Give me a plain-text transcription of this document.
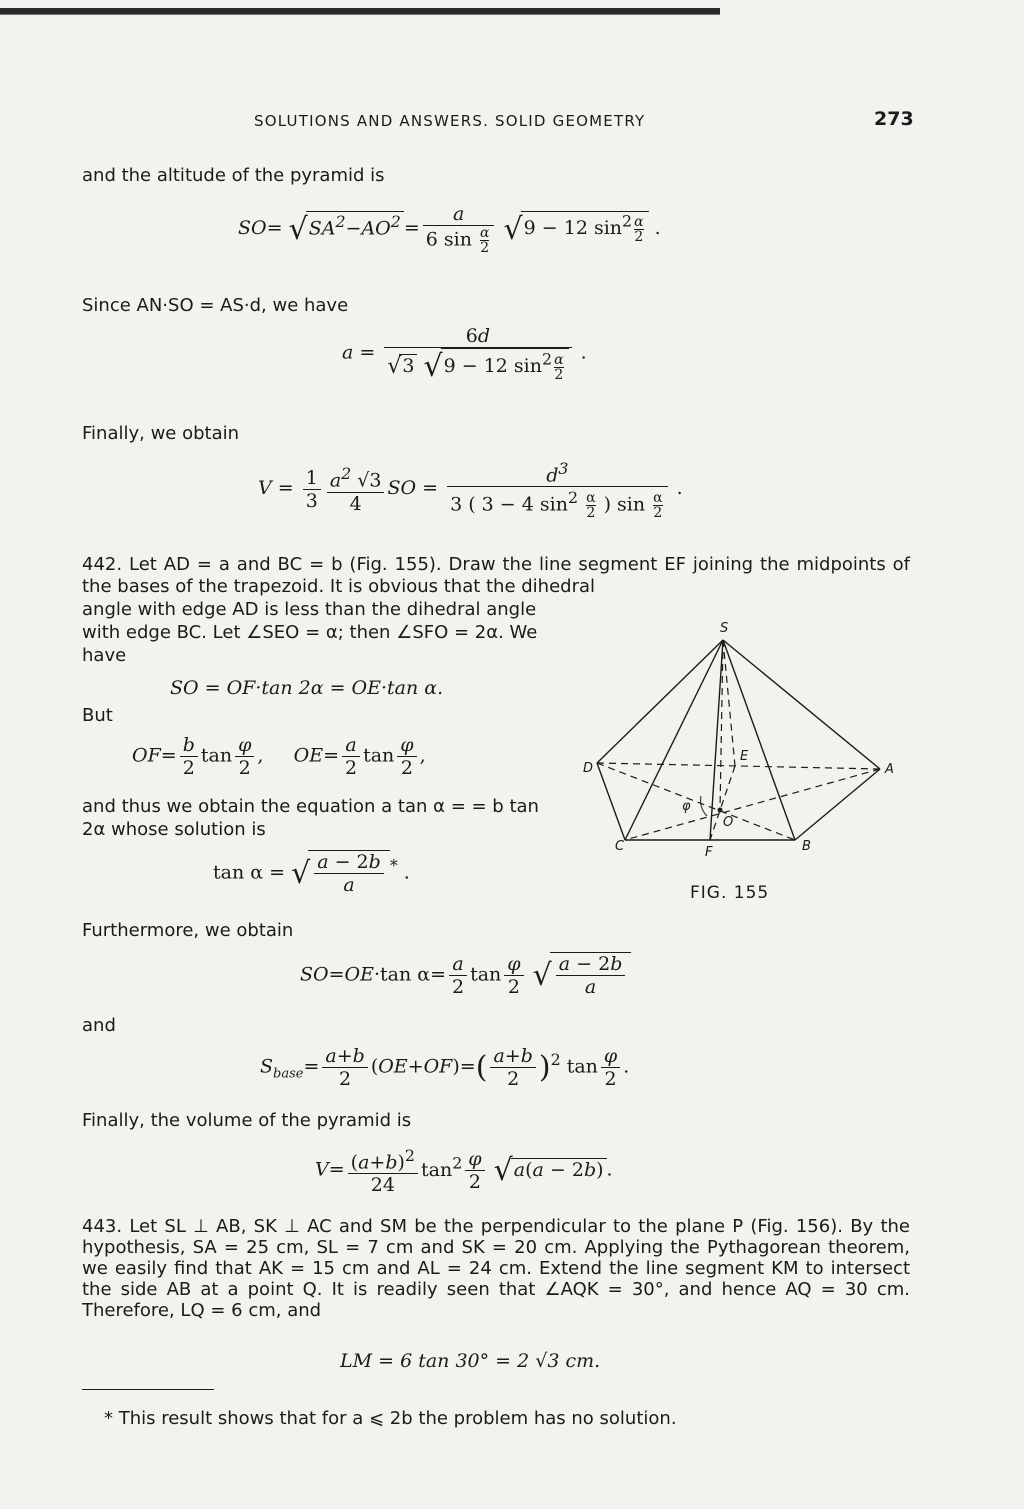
SOLUTIONS AND ANSWERS. SOLID GEOMETRY	273
and the altitude of the pyramid is
$SO= √SA^2-AO^2 = \frac{a}{6 \sin \frac{\alpha}{2}} √9 - 12$ $\sin^2 \frac{\alpha}{2}$ .
Since AN·SO = AS·d, we have
$a = \frac{6d}{√3 √9 - 12 \sin^2 \frac{\alpha}{2}}$ .
Finally, we obtain
$V = \frac{1}{3} \frac{a^2 √3}{4}$ SO = $\frac{d^3}{3 ( 3 - 4 \sin^2 \frac{\alpha}{2} ) \sin \frac{\alpha}{2}}$ .
442. Let AD = a and BC = b (Fig. 155). Draw the line segment EF joining the midpoints of the bases of the trapezoid. It is obvious that the dihedral
angle with edge AD is less than the dihedral angle with edge BC. Let ∠SEO = α; then ∠SFO = 2α. We have
SO = OF·tan 2α = OE·tan α.
But
$OF= \frac{b}{2}$ $\tan \frac{\varphi}{2}$ ,     $OE= \frac{a}{2}$ $\tan \frac{\varphi}{2}$ ,
and thus we obtain the equation a tan α = = b tan 2α whose solution is
tan α = √ $\frac{a - 2b}{a} ^*$ .
S
D	A
C	B
F
O
E
φ
FIG. 155
Furthermore, we obtain
SO=OE·tan $\alpha= \frac{a}{2}$ $\tan \frac{\varphi}{2}$ √ $\frac{a - 2b}{a}$
and
$S_{base}= \frac{a+b}{2} (OE+OF)=( \frac{a+b}{2} )^2$ $\tan \frac{\varphi}{2}$ .
Finally, the volume of the pyramid is
$V= \frac{(a+b)^2}{24} \tan^2 \frac{\varphi}{2} √a(a - 2b)$ .
443. Let SL ⊥ AB, SK ⊥ AC and SM be the perpendicular to the plane P (Fig. 156). By the hypothesis, SA = 25 cm, SL = 7 cm and SK = 20 cm. Applying the Pythagorean theorem, we easily find that AK = 15 cm and AL = 24 cm. Extend the line segment KM to intersect the side AB at a point Q. It is readily seen that ∠AQK = 30°, and hence AQ = 30 cm. Therefore, LQ = 6 cm, and
LM = 6 tan 30° = 2 √3 cm.
* This result shows that for a ⩽ 2b the problem has no solution.
